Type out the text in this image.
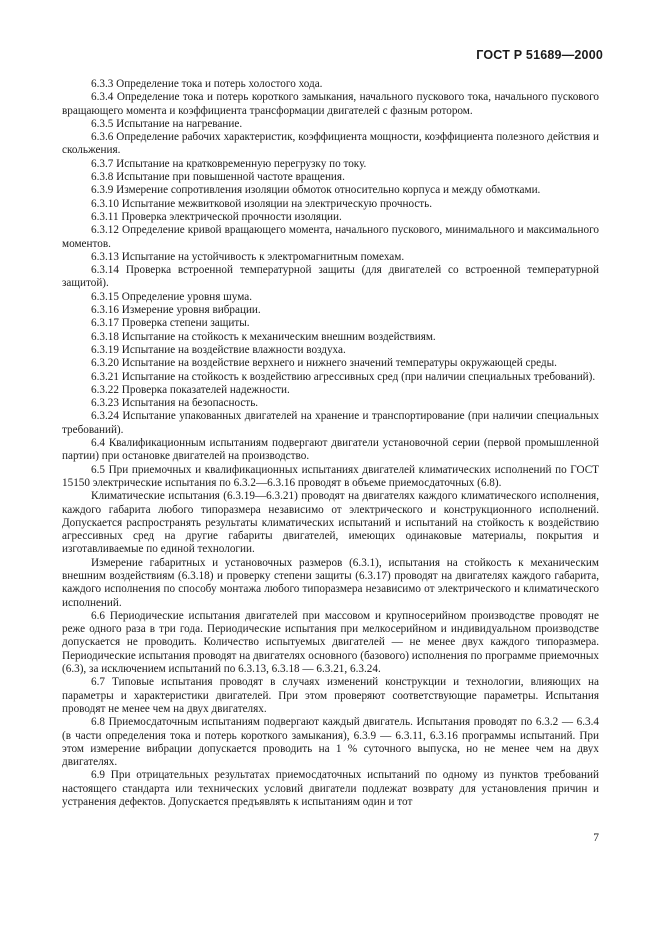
ГОСТ Р 51689—2000

6.3.3 Определение тока и потерь холостого хода.

6.3.4 Определение тока и потерь короткого замыкания, начального пускового тока, начального пускового вращающего момента и коэффициента трансформации двигателей с фазным ротором.

6.3.5 Испытание на нагревание.

6.3.6 Определение рабочих характеристик, коэффициента мощности, коэффициента полезного действия и скольжения.

6.3.7 Испытание на кратковременную перегрузку по току.

6.3.8 Испытание при повышенной частоте вращения.

6.3.9 Измерение сопротивления изоляции обмоток относительно корпуса и между обмотками.

6.3.10 Испытание межвитковой изоляции на электрическую прочность.

6.3.11 Проверка электрической прочности изоляции.

6.3.12 Определение кривой вращающего момента, начального пускового, минимального и максимального моментов.

6.3.13 Испытание на устойчивость к электромагнитным помехам.

6.3.14 Проверка встроенной температурной защиты (для двигателей со встроенной температурной защитой).

6.3.15 Определение уровня шума.

6.3.16 Измерение уровня вибрации.

6.3.17 Проверка степени защиты.

6.3.18 Испытание на стойкость к механическим внешним воздействиям.

6.3.19 Испытание на воздействие влажности воздуха.

6.3.20 Испытание на воздействие верхнего и нижнего значений температуры окружающей среды.

6.3.21 Испытание на стойкость к воздействию агрессивных сред (при наличии специальных требований).

6.3.22 Проверка показателей надежности.

6.3.23 Испытания на безопасность.

6.3.24 Испытание упакованных двигателей на хранение и транспортирование (при наличии специальных требований).

6.4 Квалификационным испытаниям подвергают двигатели установочной серии (первой промышленной партии) при остановке двигателей на производство.

6.5 При приемочных и квалификационных испытаниях двигателей климатических исполнений по ГОСТ 15150 электрические испытания по 6.3.2—6.3.16 проводят в объеме приемосдаточных (6.8).

Климатические испытания (6.3.19—6.3.21) проводят на двигателях каждого климатического исполнения, каждого габарита любого типоразмера независимо от электрического и конструкционного исполнений. Допускается распространять результаты климатических испытаний и испытаний на стойкость к воздействию агрессивных сред на другие габариты двигателей, имеющих одинаковые материалы, покрытия и изготавливаемые по единой технологии.

Измерение габаритных и установочных размеров (6.3.1), испытания на стойкость к механическим внешним воздействиям (6.3.18) и проверку степени защиты (6.3.17) проводят на двигателях каждого габарита, каждого исполнения по способу монтажа любого типоразмера независимо от электрического и климатического исполнений.

6.6 Периодические испытания двигателей при массовом и крупносерийном производстве проводят не реже одного раза в три года. Периодические испытания при мелкосерийном и индивидуальном производстве допускается не проводить. Количество испытуемых двигателей — не менее двух каждого типоразмера. Периодические испытания проводят на двигателях основного (базового) исполнения по программе приемочных (6.3), за исключением испытаний по 6.3.13, 6.3.18 — 6.3.21, 6.3.24.

6.7 Типовые испытания проводят в случаях изменений конструкции и технологии, влияющих на параметры и характеристики двигателей. При этом проверяют соответствующие параметры. Испытания проводят не менее чем на двух двигателях.

6.8 Приемосдаточным испытаниям подвергают каждый двигатель. Испытания проводят по 6.3.2 — 6.3.4 (в части определения тока и потерь короткого замыкания), 6.3.9 — 6.3.11, 6.3.16 программы испытаний. При этом измерение вибрации допускается проводить на 1 % суточного выпуска, но не менее чем на двух двигателях.

6.9 При отрицательных результатах приемосдаточных испытаний по одному из пунктов требований настоящего стандарта или технических условий двигатели подлежат возврату для установления причин и устранения дефектов. Допускается предъявлять к испытаниям один и тот

7
